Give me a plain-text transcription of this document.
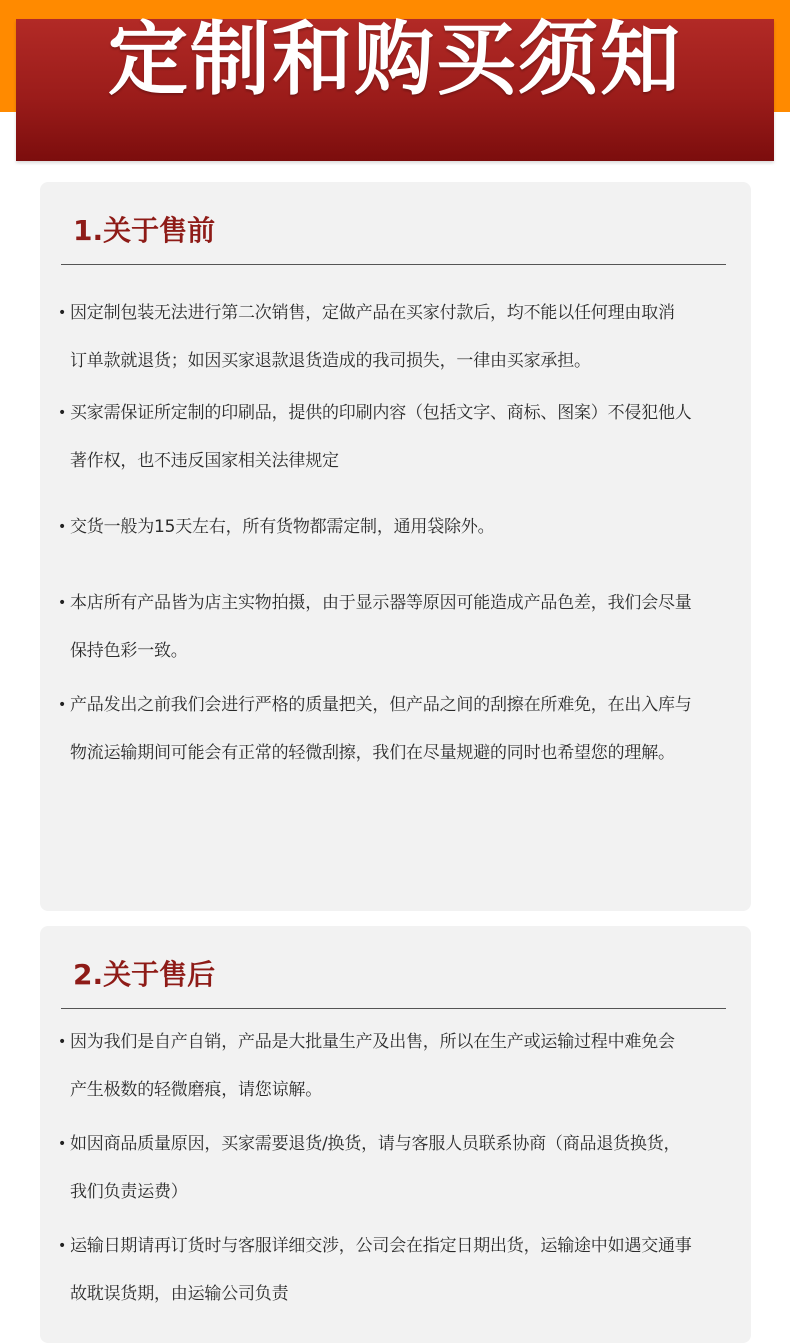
定制和购买须知
1.关于售前

• 因定制包装无法进行第二次销售，定做产品在买家付款后，均不能以任何理由取消
订单款就退货；如因买家退款退货造成的我司损失，一律由买家承担。

• 买家需保证所定制的印刷品，提供的印刷内容（包括文字、商标、图案）不侵犯他人
著作权，也不违反国家相关法律规定

• 交货一般为15天左右，所有货物都需定制，通用袋除外。

• 本店所有产品皆为店主实物拍摄，由于显示器等原因可能造成产品色差，我们会尽量
保持色彩一致。

• 产品发出之前我们会进行严格的质量把关，但产品之间的刮擦在所难免，在出入库与
物流运输期间可能会有正常的轻微刮擦，我们在尽量规避的同时也希望您的理解。

2.关于售后

• 因为我们是自产自销，产品是大批量生产及出售，所以在生产或运输过程中难免会
产生极数的轻微磨痕，请您谅解。

• 如因商品质量原因，买家需要退货/换货，请与客服人员联系协商（商品退货换货，
我们负责运费）

• 运输日期请再订货时与客服详细交涉，公司会在指定日期出货，运输途中如遇交通事
故耽误货期，由运输公司负责
